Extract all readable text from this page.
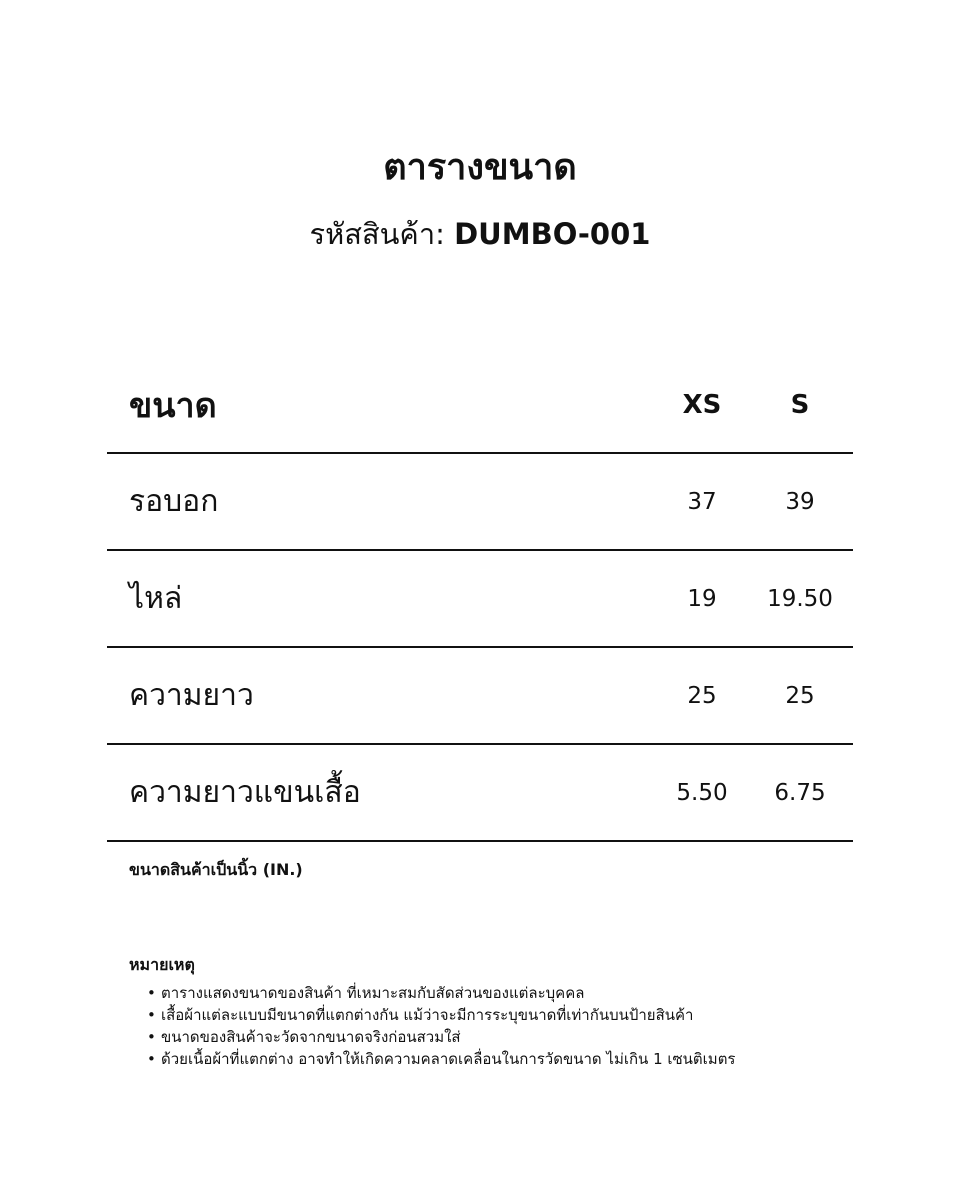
ตารางขนาด
รหัสสินค้า: DUMBO-001
ขนาด	XS	S
รอบอก	37	39
ไหล่	19	19.50
ความยาว	25	25
ความยาวแขนเสื้อ	5.50	6.75
ขนาดสินค้าเป็นนิ้ว (IN.)
หมายเหตุ
• ตารางแสดงขนาดของสินค้า ที่เหมาะสมกับสัดส่วนของแต่ละบุคคล
• เสื้อผ้าแต่ละแบบมีขนาดที่แตกต่างกัน แม้ว่าจะมีการระบุขนาดที่เท่ากันบนป้ายสินค้า
• ขนาดของสินค้าจะวัดจากขนาดจริงก่อนสวมใส่
• ด้วยเนื้อผ้าที่แตกต่าง อาจทำให้เกิดความคลาดเคลื่อนในการวัดขนาด ไม่เกิน 1 เซนติเมตร
